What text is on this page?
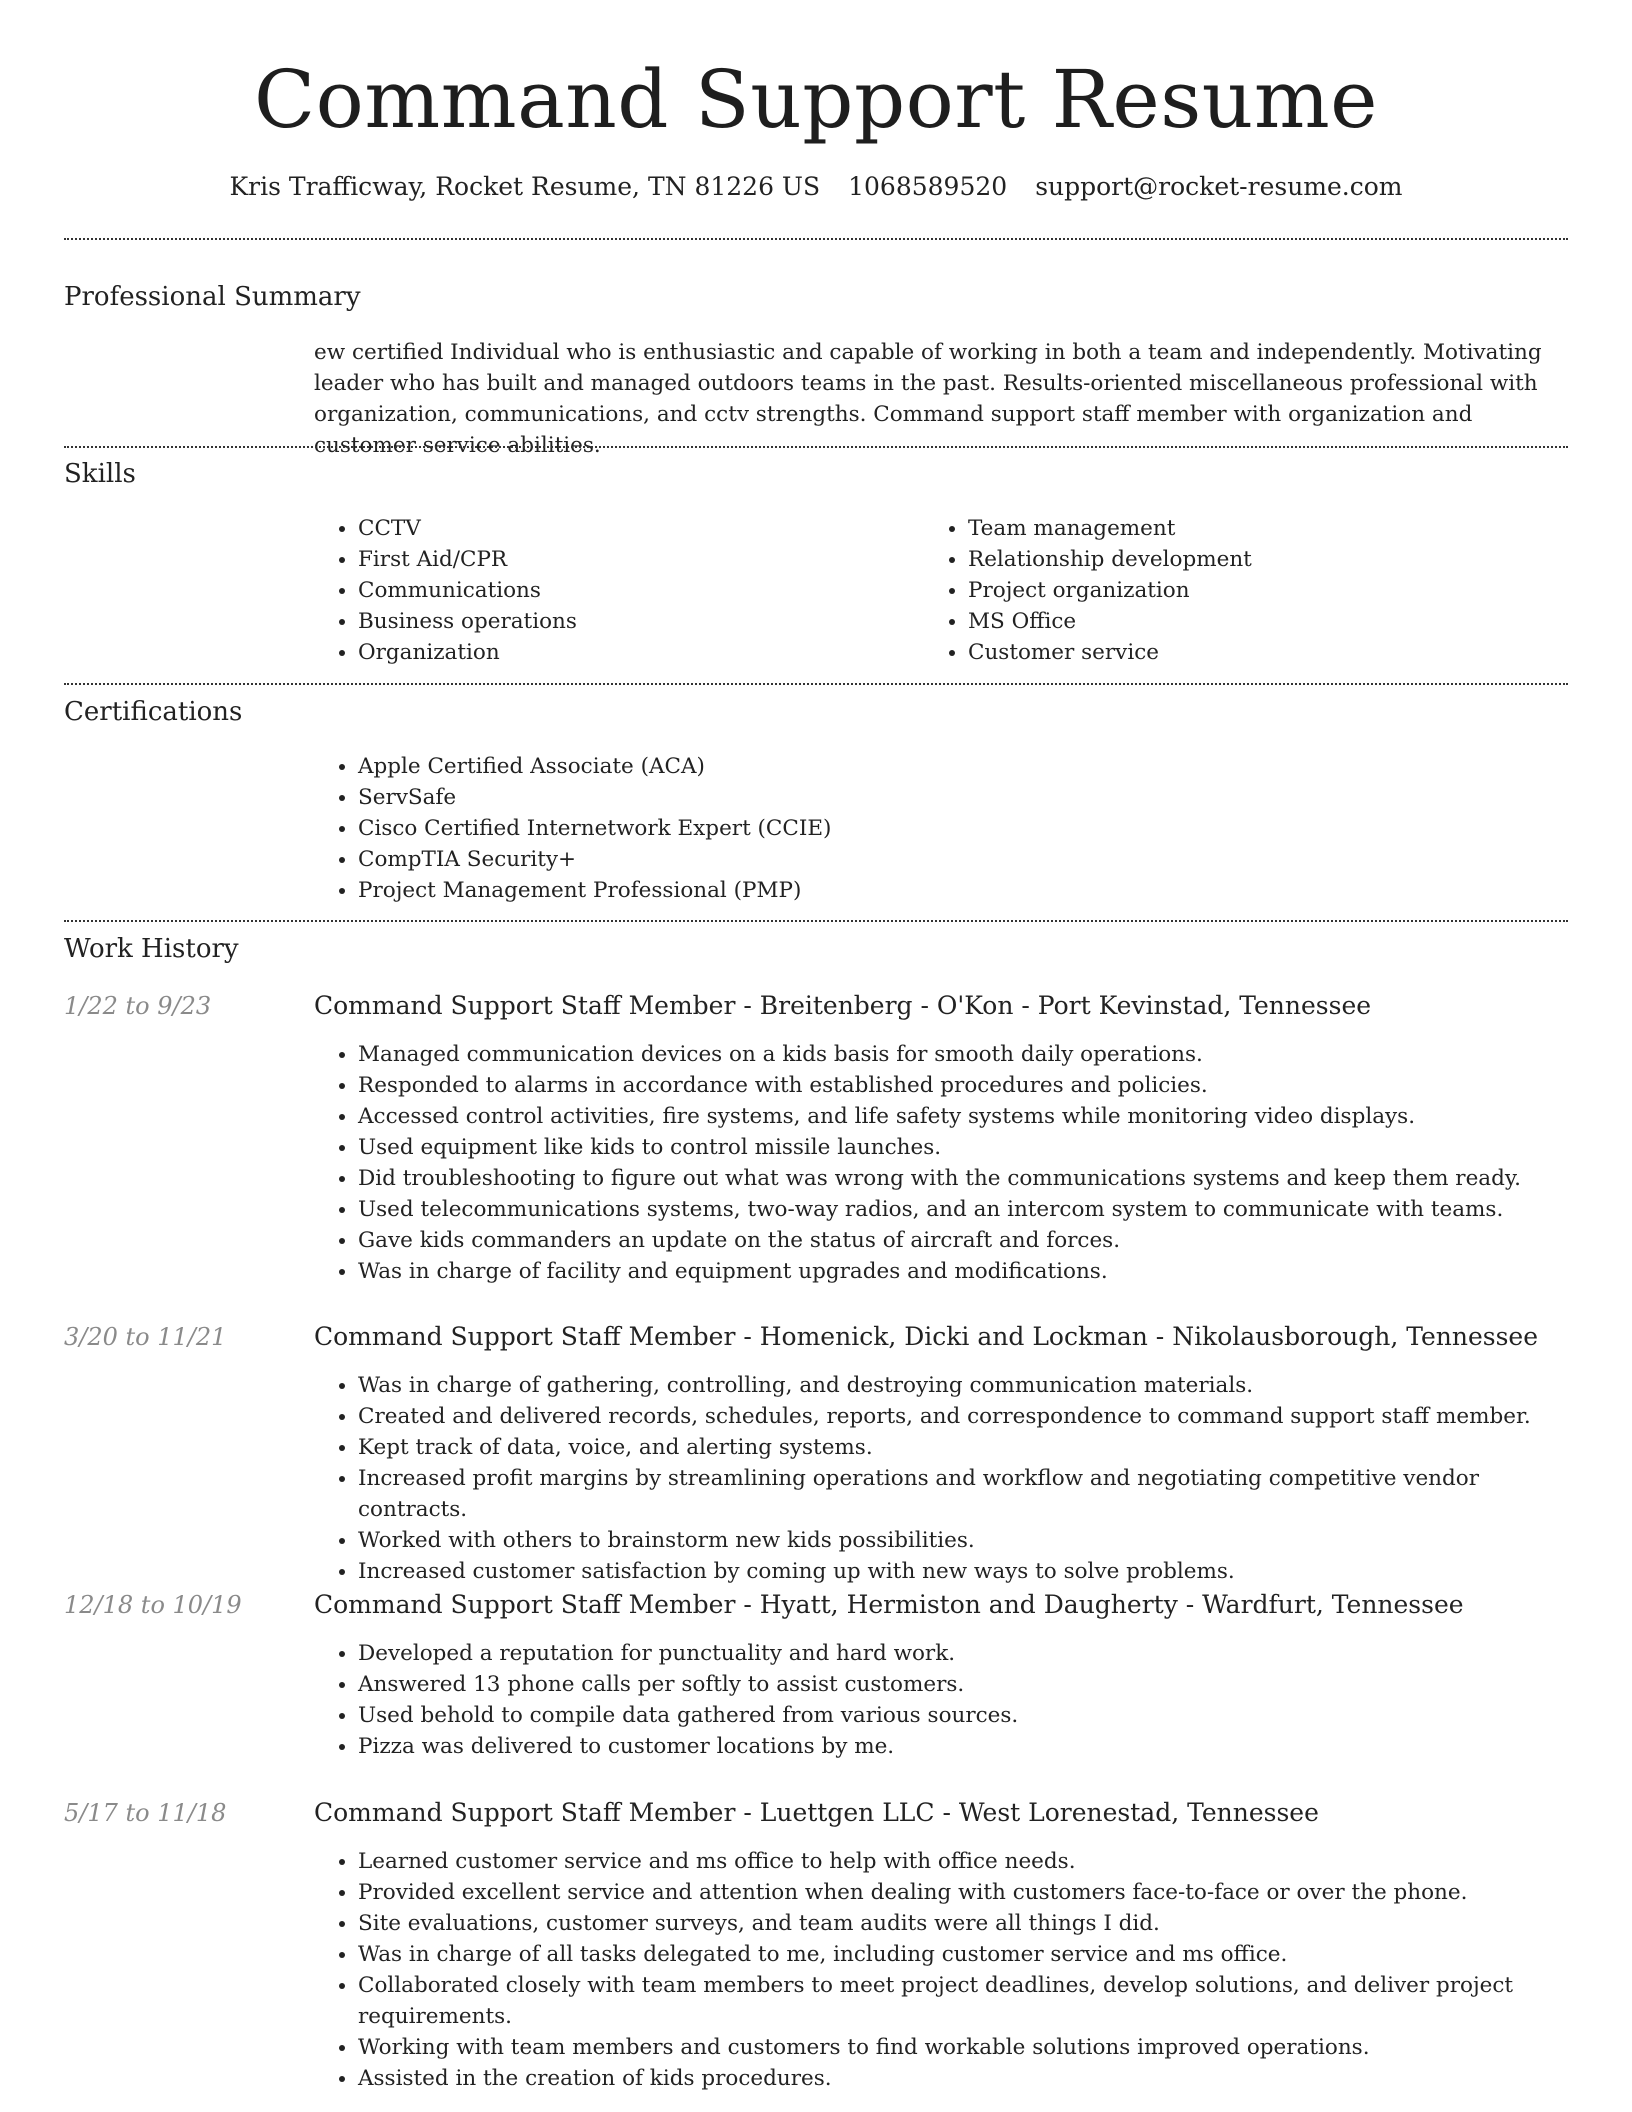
Command Support Resume
Kris Trafficway, Rocket Resume, TN 81226 US 1068589520 support@rocket-resume.com
Professional Summary

ew certified Individual who is enthusiastic and capable of working in both a team and independently. Motivating leader who has built and managed outdoors teams in the past. Results-oriented miscellaneous professional with organization, communications, and cctv strengths. Command support staff member with organization and customer service abilities.

Skills
• CCTV
• First Aid/CPR
• Communications
• Business operations
• Organization
• Team management
• Relationship development
• Project organization
• MS Office
• Customer service
Certifications
• Apple Certified Associate (ACA)
• ServSafe
• Cisco Certified Internetwork Expert (CCIE)
• CompTIA Security+
• Project Management Professional (PMP)
Work History
1/22 to 9/23	Command Support Staff Member - Breitenberg - O'Kon - Port Kevinstad, Tennessee
• Managed communication devices on a kids basis for smooth daily operations.
• Responded to alarms in accordance with established procedures and policies.
• Accessed control activities, fire systems, and life safety systems while monitoring video displays.
• Used equipment like kids to control missile launches.
• Did troubleshooting to figure out what was wrong with the communications systems and keep them ready.
• Used telecommunications systems, two-way radios, and an intercom system to communicate with teams.
• Gave kids commanders an update on the status of aircraft and forces.
• Was in charge of facility and equipment upgrades and modifications.
3/20 to 11/21	Command Support Staff Member - Homenick, Dicki and Lockman - Nikolausborough, Tennessee
• Was in charge of gathering, controlling, and destroying communication materials.
• Created and delivered records, schedules, reports, and correspondence to command support staff member.
• Kept track of data, voice, and alerting systems.
• Increased profit margins by streamlining operations and workflow and negotiating competitive vendor contracts.
• Worked with others to brainstorm new kids possibilities.
• Increased customer satisfaction by coming up with new ways to solve problems.
12/18 to 10/19	Command Support Staff Member - Hyatt, Hermiston and Daugherty - Wardfurt, Tennessee
• Developed a reputation for punctuality and hard work.
• Answered 13 phone calls per softly to assist customers.
• Used behold to compile data gathered from various sources.
• Pizza was delivered to customer locations by me.
5/17 to 11/18	Command Support Staff Member - Luettgen LLC - West Lorenestad, Tennessee
• Learned customer service and ms office to help with office needs.
• Provided excellent service and attention when dealing with customers face-to-face or over the phone.
• Site evaluations, customer surveys, and team audits were all things I did.
• Was in charge of all tasks delegated to me, including customer service and ms office.
• Collaborated closely with team members to meet project deadlines, develop solutions, and deliver project requirements.
• Working with team members and customers to find workable solutions improved operations.
• Assisted in the creation of kids procedures.
